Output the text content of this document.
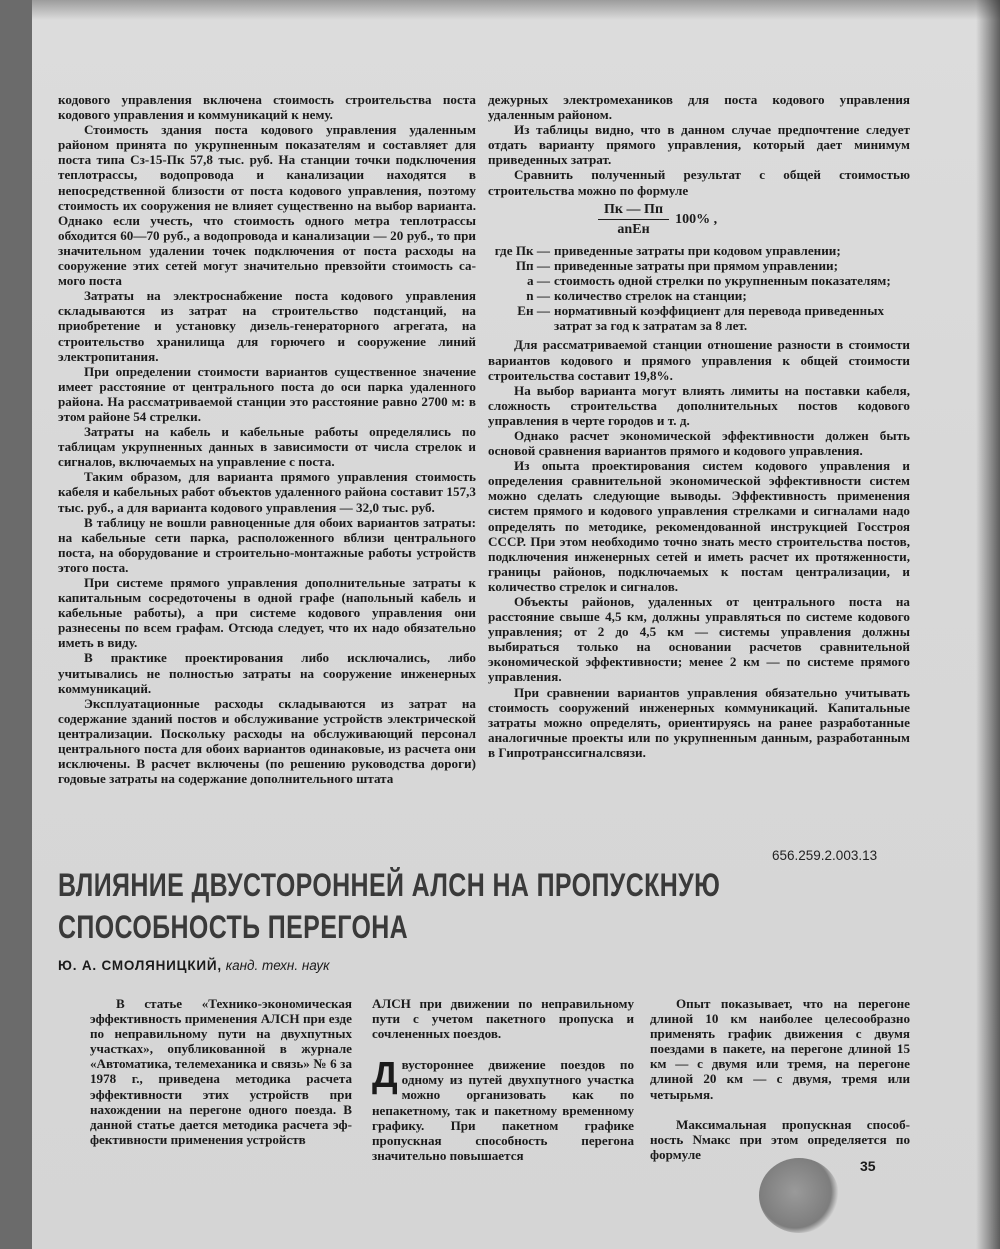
кодового управления включена стоимость строительства поста кодового управления и коммуникаций к нему.

Стоимость здания поста кодового управления удаленным районом принята по укрупненным показателям и составляет для поста типа Сз-15-Пк 57,8 тыс. руб. На станции точки подключения теплотрассы, водопровода и канализации находятся в непосредственной близости от поста кодового управления, поэтому стоимость их сооружения не влияет существенно на выбор варианта. Однако если учесть, что стоимость одного метра теплотрассы обходится 60—70 руб., а водопровода и канализации — 20 руб., то при значительном удалении точек подключения от поста расходы на сооружение этих сетей могут значительно превзойти стоимость самого поста

Затраты на электроснабжение поста кодового управления складываются из затрат на строительство подстанций, на приобретение и установку дизель-генераторного агрегата, на строительство хранилища для горючего и сооружение линий электропитания.

При определении стоимости вариантов существенное значение имеет расстояние от центрального поста до оси парка удаленного района. На рассматриваемой станции это расстояние равно 2700 м: в этом районе 54 стрелки.

Затраты на кабель и кабельные работы определялись по таблицам укрупненных данных в зависимости от числа стрелок и сигналов, включаемых на управление с поста.

Таким образом, для варианта прямого управления стоимость кабеля и кабельных работ объектов удаленного района составит 157,3 тыс. руб., а для варианта кодового управления — 32,0 тыс. руб.

В таблицу не вошли равноценные для обоих вариантов затраты: на кабельные сети парка, расположенного вблизи центрального поста, на оборудование и строительно-монтажные работы устройств этого поста.

При системе прямого управления дополнительные затраты к капитальным сосредоточены в одной графе (напольный кабель и кабельные работы), а при системе кодового управления они разнесены по всем графам. Отсюда следует, что их надо обязательно иметь в виду.

В практике проектирования либо исключались, либо учитывались не полностью затраты на сооружение инженерных коммуникаций.

Эксплуатационные расходы складываются из затрат на содержание зданий постов и обслуживание устройств электрической централизации. Поскольку расходы на обслуживающий персонал центрального поста для обоих вариантов одинаковые, из расчета они исключены. В расчет включены (по решению руководства дороги) годовые затраты на содержание дополнительного штата

дежурных электромехаников для поста кодового управления удаленным районом.

Из таблицы видно, что в данном случае предпочтение следует отдать варианту прямого управления, который дает минимум приведенных затрат.

Сравнить полученный результат с общей стоимостью строительства можно по формуле

$\frac{Пк — Пп}{\text{anЕн}} 100\%$ ,
где Пк — приведенные затраты при кодовом управлении;
Пп — приведенные затраты при прямом управлении;
а — стоимость одной стрелки по укрупненным показателям;
n — количество стрелок на станции;
Ен — нормативный коэффициент для перевода приведенных затрат за год к затратам за 8 лет.

Для рассматриваемой станции отношение разности в стоимости вариантов кодового и прямого управления к общей стоимости строительства составит 19,8%.

На выбор варианта могут влиять лимиты на поставки кабеля, сложность строительства дополнительных постов кодового управления в черте городов и т. д.

Однако расчет экономической эффективности должен быть основой сравнения вариантов прямого и кодового управления.

Из опыта проектирования систем кодового управления и определения сравнительной экономической эффективности систем можно сделать следующие выводы. Эффективность применения систем прямого и кодового управления стрелками и сигналами надо определять по методике, рекомендованной инструкцией Госстроя СССР. При этом необходимо точно знать место строительства постов, подключения инженерных сетей и иметь расчет их протяженности, границы районов, подключаемых к постам централизации, и количество стрелок и сигналов.

Объекты районов, удаленных от центрального поста на расстояние свыше 4,5 км, должны управляться по системе кодового управления; от 2 до 4,5 км — системы управления должны выбираться только на основании расчетов сравнительной экономической эффективности; менее 2 км — по системе прямого управления.

При сравнении вариантов управления обязательно учитывать стоимость сооружений инженерных коммуникаций. Капитальные затраты можно определять, ориентируясь на ранее разработанные аналогичные проекты или по укрупненным данным, разработанным в Гипротранссигналсвязи.

656.259.2.003.13
ВЛИЯНИЕ ДВУСТОРОННЕЙ АЛСН НА ПРОПУСКНУЮ
СПОСОБНОСТЬ ПЕРЕГОНА
Ю. А. СМОЛЯНИЦКИЙ, канд. техн. наук

В статье «Технико-экономическая эффективность применения АЛСН при езде по неправильному пути на двухпутных участках», опубликованной в журнале «Автоматика, телемеханика и связь» № 6 за 1978 г., приведена методика расчета эффективности этих устройств при нахождении на перегоне одного поезда. В данной статье дается методика расчета эффективности применения устройств

АЛСН при движении по неправильному пути с учетом пакетного пропуска и сочлененных поездов.

Двустороннее движение поездов по одному из путей двухпутного участка можно организовать как по непакетному, так и пакетному временному графику. При пакетном графике пропускная способность перегона значительно повышается

Опыт показывает, что на перегоне длиной 10 км наиболее целесообразно применять график движения с двумя поездами в пакете, на перегоне длиной 15 км — с двумя или тремя, на перегоне длиной 20 км — с двумя, тремя или четырьмя.

Максимальная пропускная способность Nмакс при этом определяется по формуле

35
